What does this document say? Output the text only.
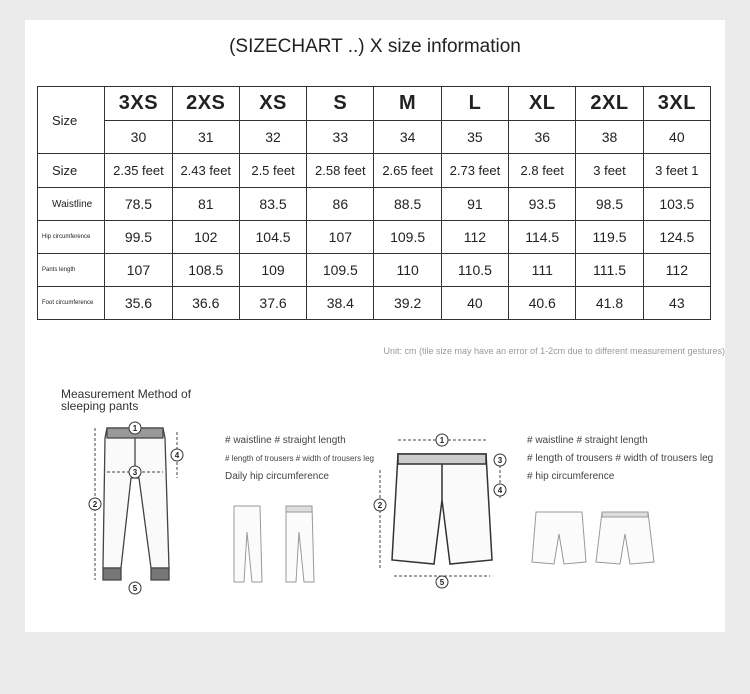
(SIZECHART ..) X size information
Size	3XS	2XS	XS	S	M	L	XL	2XL	3XL
	30	31	32	33	34	35	36	38	40
Size	2.35 feet	2.43 feet	2.5 feet	2.58 feet	2.65 feet	2.73 feet	2.8 feet	3 feet	3 feet 1
Waistline	78.5	81	83.5	86	88.5	91	93.5	98.5	103.5
Hip circumference	99.5	102	104.5	107	109.5	112	114.5	119.5	124.5
Pants length	107	108.5	109	109.5	110	110.5	111	111.5	112
Foot circumference	35.6	36.6	37.6	38.4	39.2	40	40.6	41.8	43
Unit: cm (tile size may have an error of 1-2cm due to different measurement gestures)
Measurement Method of sleeping pants
1
2
3
4
5
# waistline # straight length
# length of trousers # width of trousers leg
Daily hip circumference
1
2
3
4
5
# waistline # straight length
# length of trousers # width of trousers leg
# hip circumference
